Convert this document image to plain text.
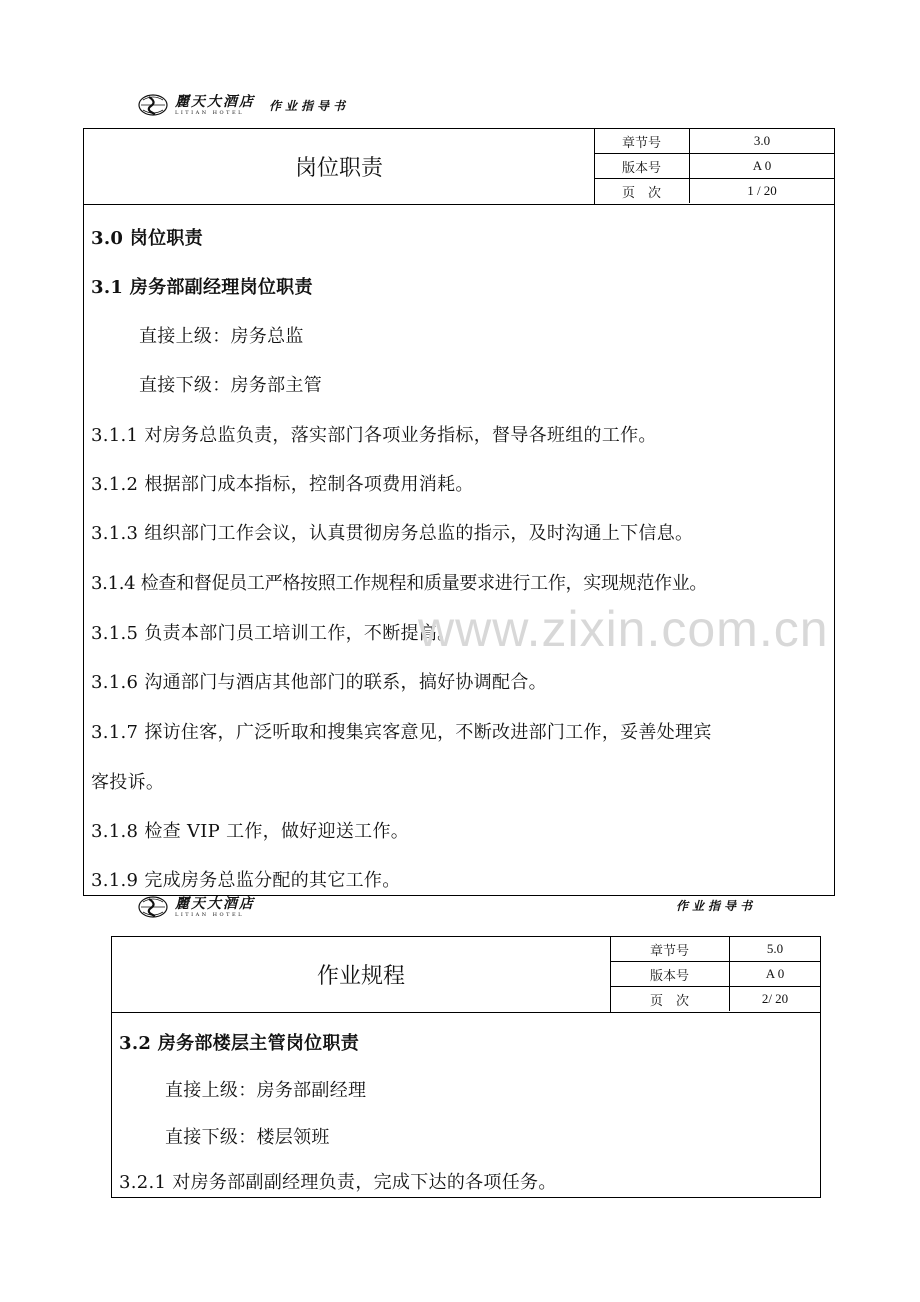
麗天大酒店
LITIAN HOTEL	作业指导书
岗位职责
章节号	3.0
版本号	A 0
页　次	1 / 20
3.0 岗位职责
3.1 房务部副经理岗位职责
直接上级：房务总监
直接下级：房务部主管
3.1.1 对房务总监负责，落实部门各项业务指标，督导各班组的工作。
3.1.2 根据部门成本指标，控制各项费用消耗。
3.1.3 组织部门工作会议，认真贯彻房务总监的指示，及时沟通上下信息。
3.1.4 检查和督促员工严格按照工作规程和质量要求进行工作，实现规范作业。
3.1.5 负责本部门员工培训工作，不断提高。
3.1.6 沟通部门与酒店其他部门的联系，搞好协调配合。
3.1.7 探访住客，广泛听取和搜集宾客意见，不断改进部门工作，妥善处理宾
客投诉。
3.1.8 检查 VIP 工作，做好迎送工作。
3.1.9 完成房务总监分配的其它工作。
www.zixin.com.cn
麗天大酒店
LITIAN HOTEL
作业指导书
作业规程
章节号	5.0
版本号	A 0
页　次	2/ 20
3.2 房务部楼层主管岗位职责
直接上级：房务部副经理
直接下级：楼层领班
3.2.1 对房务部副副经理负责，完成下达的各项任务。
